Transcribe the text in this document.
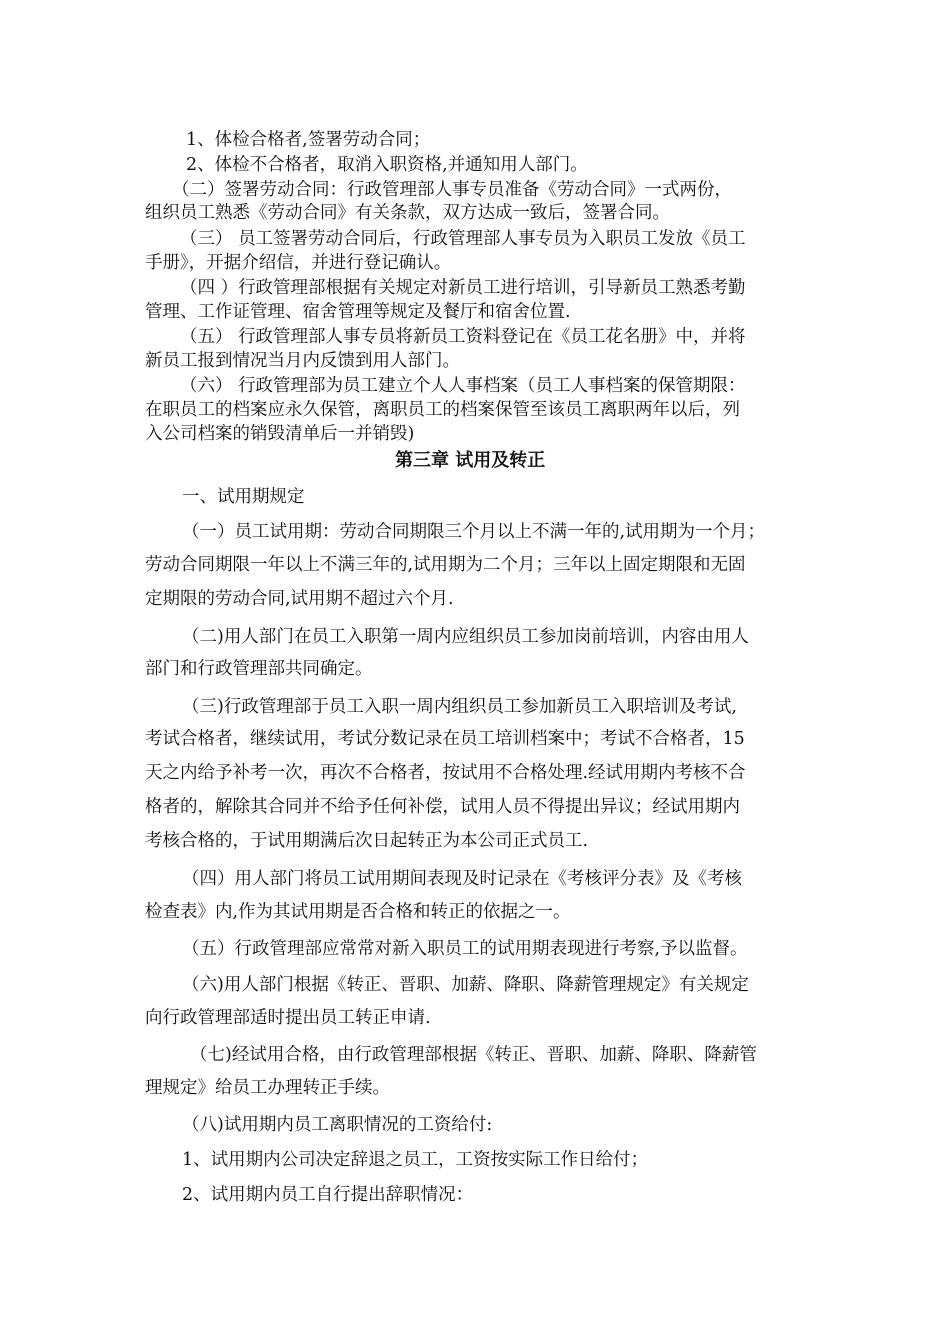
1、体检合格者,签署劳动合同；

2、体检不合格者，取消入职资格,并通知用人部门。

（二）签署劳动合同：行政管理部人事专员准备《劳动合同》一式两份，

组织员工熟悉《劳动合同》有关条款，双方达成一致后，签署合同。

（三） 员工签署劳动合同后，行政管理部人事专员为入职员工发放《员工

手册》，开据介绍信，并进行登记确认。

（四 ）行政管理部根据有关规定对新员工进行培训，引导新员工熟悉考勤

管理、工作证管理、宿舍管理等规定及餐厅和宿舍位置.

（五） 行政管理部人事专员将新员工资料登记在《员工花名册》中，并将

新员工报到情况当月内反馈到用人部门。

（六） 行政管理部为员工建立个人人事档案（员工人事档案的保管期限：

在职员工的档案应永久保管，离职员工的档案保管至该员工离职两年以后，列

入公司档案的销毁清单后一并销毁)

第三章 试用及转正

一、试用期规定

（一）员工试用期：劳动合同期限三个月以上不满一年的,试用期为一个月；

劳动合同期限一年以上不满三年的,试用期为二个月；三年以上固定期限和无固

定期限的劳动合同,试用期不超过六个月.

（二)用人部门在员工入职第一周内应组织员工参加岗前培训，内容由用人

部门和行政管理部共同确定。

（三)行政管理部于员工入职一周内组织员工参加新员工入职培训及考试,

考试合格者，继续试用，考试分数记录在员工培训档案中；考试不合格者，15

天之内给予补考一次，再次不合格者，按试用不合格处理.经试用期内考核不合

格者的，解除其合同并不给予任何补偿，试用人员不得提出异议；经试用期内

考核合格的，于试用期满后次日起转正为本公司正式员工.

（四）用人部门将员工试用期间表现及时记录在《考核评分表》及《考核

检查表》内,作为其试用期是否合格和转正的依据之一。

（五）行政管理部应常常对新入职员工的试用期表现进行考察,予以监督。

（六)用人部门根据《转正、晋职、加薪、降职、降薪管理规定》有关规定

向行政管理部适时提出员工转正申请.

（七)经试用合格，由行政管理部根据《转正、晋职、加薪、降职、降薪管

理规定》给员工办理转正手续。

（八)试用期内员工离职情况的工资给付:

1、试用期内公司决定辞退之员工，工资按实际工作日给付；

2、试用期内员工自行提出辞职情况：
